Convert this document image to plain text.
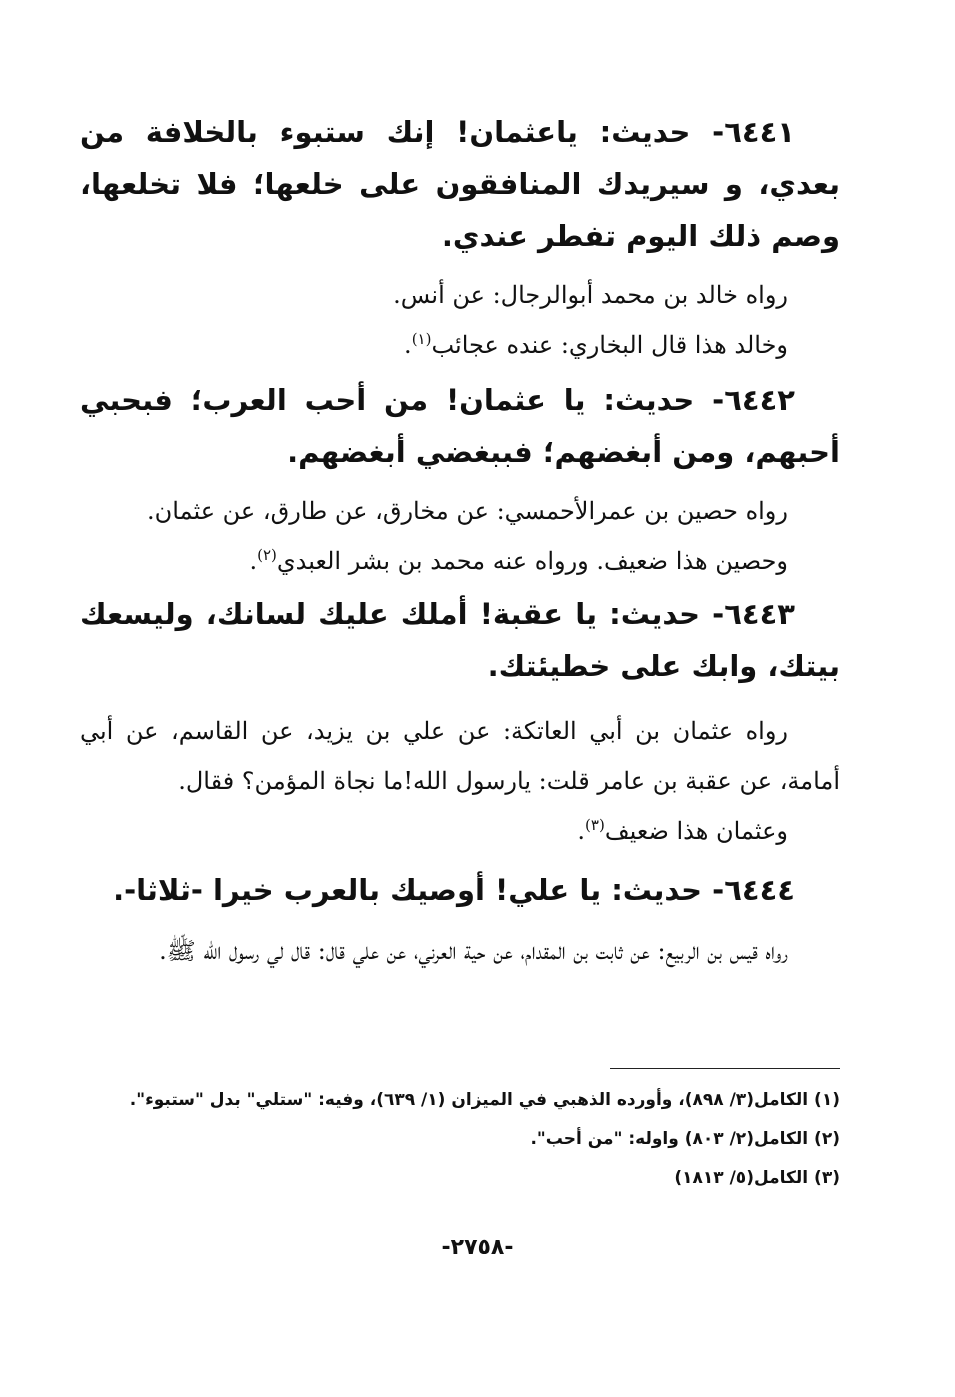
٦٤٤١- حديث: ياعثمان! إنك ستبوء بالخلافة من بعدي، و سيريدك المنافقون على خلعها؛ فلا تخلعها، وصم ذلك اليوم تفطر عندي.

رواه خالد بن محمد أبوالرجال: عن أنس.

وخالد هذا قال البخاري: عنده عجائب$^{(١)}$.

٦٤٤٢- حديث: يا عثمان! من أحب العرب؛ فبحبي أحبهم، ومن أبغضهم؛ فببغضي أبغضهم.

رواه حصين بن عمرالأحمسي: عن مخارق، عن طارق، عن عثمان.

وحصين هذا ضعيف. ورواه عنه محمد بن بشر العبدي$^{(٢)}$.

٦٤٤٣- حديث: يا عقبة! أملك عليك لسانك، وليسعك بيتك، وابك على خطيئتك.

رواه عثمان بن أبي العاتكة: عن علي بن يزيد، عن القاسم، عن أبي أمامة، عن عقبة بن عامر قلت: يارسول الله!ما نجاة المؤمن؟ فقال.

وعثمان هذا ضعيف$^{(٣)}$.

٦٤٤٤- حديث: يا علي! أوصيك بالعرب خيرا -ثلاثا-.

رواه قيس بن الربيع: عن ثابت بن المقدام، عن حية العرني، عن علي قال: قال لي رسول الله ﷺ.

(١) الكامل(٣/ ٨٩٨)، وأورده الذهبي في الميزان (١/ ٦٣٩)، وفيه: "ستلي" بدل "ستبوء".

(٢) الكامل(٢/ ٨٠٣) واوله: "من أحب".

(٣) الكامل(٥/ ١٨١٣)

-٢٧٥٨-
